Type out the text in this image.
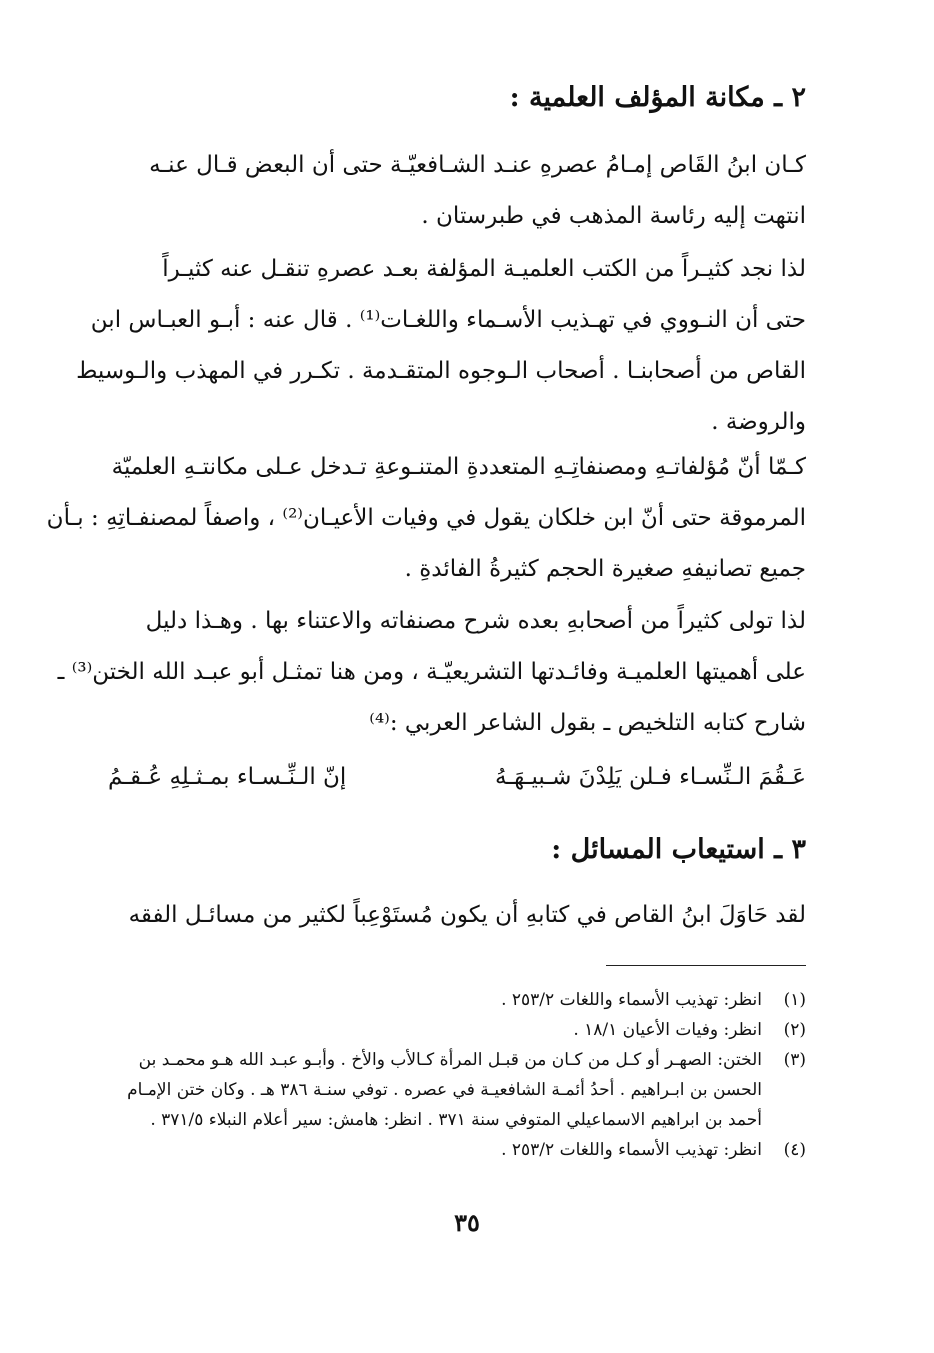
٢ ـ مكانة المؤلف العلمية :
كـان ابنُ القَاص إمـامُ عصرهِ عنـد الشـافعيّـة حتى أن البعض قـال عنـه
انتهت إليه رئاسة المذهب في طبرستان .
لذا نجد كثيـراً من الكتب العلميـة المؤلفة بعـد عصرهِ تنقـل عنه كثيـراً
حتى أن النـووي في تهـذيب الأسـماء واللغـات⁽¹⁾ . قال عنه : أبـو العبـاس ابن
القاص من أصحابنـا . أصحاب الـوجوه المتقـدمة . تكـرر في المهذب والـوسيط
والروضة .
كـمّا أنّ مُؤلفاتـهِ ومصنفاتِـهِ المتعددةِ المتنـوعةِ تـدخل عـلى مكانتـهِ العلميّة
المرموقة حتى أنّ ابن خلكان يقول في وفيات الأعيـان⁽²⁾ ، واصفاً لمصنفـاتِهِ : بـأن
جميع تصانيفهِ صغيرة الحجم كثيرةُ الفائدةِ .
لذا تولى كثيراً من أصحابهِ بعده شرح مصنفاته والاعتناء بها . وهـذا دليل
على أهميتها العلميـة وفائـدتها التشريعيّـة ، ومن هنا تمثـل أبو عبـد الله الختن⁽³⁾ ـ
شارح كتابه التلخيص ـ بقول الشاعر العربي :⁽⁴⁾
عَـقُمَ الـنِّسـاء فـلن يَلِدْنَ شـبيـهَـهُ
إنّ الـنِّـسـاء بمـثـلِهِ عُـقـمُ
٣ ـ استيعاب المسائل :
لقد حَاوَلَ ابنُ القاص في كتابهِ أن يكون مُستَوْعِباً لكثير من مسائـل الفقه
(١)
انظر: تهذيب الأسماء واللغات ٢٥٣/٢ .
(٢)
انظر: وفيات الأعيان ١٨/١ .
(٣)
الختن: الصهـر أو كـل من كـان من قبـل المرأة كـالأب والأخ . وأبـو عبـد الله هـو محمـد بن
الحسن بن ابـراهيم . أحدُ أئمـة الشافعيـة في عصره . توفي سنـة ٣٨٦ هـ . وكان ختن الإمـام
أحمد بن ابراهيم الاسماعيلي المتوفي سنة ٣٧١ . انظر: هامش: سير أعلام النبلاء ٣٧١/٥ .
(٤)
انظر: تهذيب الأسماء واللغات ٢٥٣/٢ .
٣٥
